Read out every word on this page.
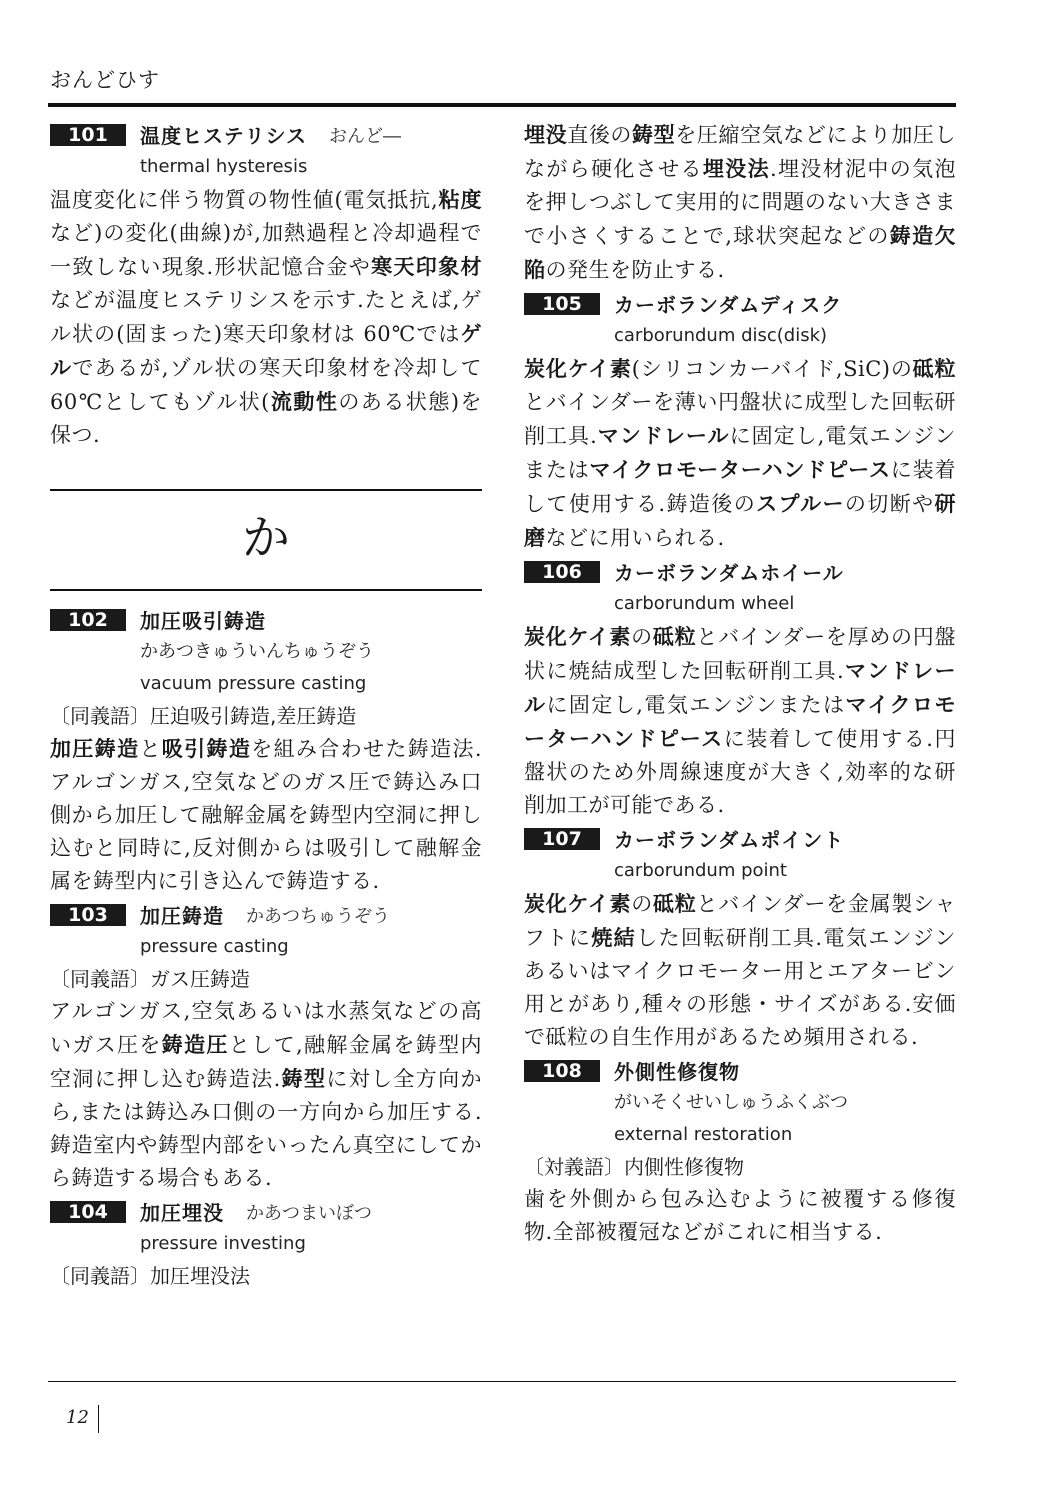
おんどひす
101	温度ヒステリシス おんど―
thermal hysteresis

温度変化に伴う物質の物性値(電気抵抗,粘度など)の変化(曲線)が,加熱過程と冷却過程で一致しない現象.形状記憶合金や寒天印象材などが温度ヒステリシスを示す.たとえば,ゲル状の(固まった)寒天印象材は 60℃ではゲルであるが,ゾル状の寒天印象材を冷却して 60℃としてもゾル状(流動性のある状態)を保つ.

か
102	加圧吸引鋳造
かあつきゅういんちゅうぞう
vacuum pressure casting
〔同義語〕圧迫吸引鋳造,差圧鋳造

加圧鋳造と吸引鋳造を組み合わせた鋳造法.アルゴンガス,空気などのガス圧で鋳込み口側から加圧して融解金属を鋳型内空洞に押し込むと同時に,反対側からは吸引して融解金属を鋳型内に引き込んで鋳造する.

103	加圧鋳造 かあつちゅうぞう
pressure casting
〔同義語〕ガス圧鋳造

アルゴンガス,空気あるいは水蒸気などの高いガス圧を鋳造圧として,融解金属を鋳型内空洞に押し込む鋳造法.鋳型に対し全方向から,または鋳込み口側の一方向から加圧する.鋳造室内や鋳型内部をいったん真空にしてから鋳造する場合もある.

104	加圧埋没 かあつまいぼつ
pressure investing
〔同義語〕加圧埋没法

埋没直後の鋳型を圧縮空気などにより加圧しながら硬化させる埋没法.埋没材泥中の気泡を押しつぶして実用的に問題のない大きさまで小さくすることで,球状突起などの鋳造欠陥の発生を防止する.

105	カーボランダムディスク
carborundum disc(disk)

炭化ケイ素(シリコンカーバイド,SiC)の砥粒とバインダーを薄い円盤状に成型した回転研削工具.マンドレールに固定し,電気エンジンまたはマイクロモーターハンドピースに装着して使用する.鋳造後のスプルーの切断や研磨などに用いられる.

106	カーボランダムホイール
carborundum wheel

炭化ケイ素の砥粒とバインダーを厚めの円盤状に焼結成型した回転研削工具.マンドレールに固定し,電気エンジンまたはマイクロモーターハンドピースに装着して使用する.円盤状のため外周線速度が大きく,効率的な研削加工が可能である.

107	カーボランダムポイント
carborundum point

炭化ケイ素の砥粒とバインダーを金属製シャフトに焼結した回転研削工具.電気エンジンあるいはマイクロモーター用とエアタービン用とがあり,種々の形態・サイズがある.安価で砥粒の自生作用があるため頻用される.

108	外側性修復物
がいそくせいしゅうふくぶつ
external restoration
〔対義語〕内側性修復物

歯を外側から包み込むように被覆する修復物.全部被覆冠などがこれに相当する.

12
